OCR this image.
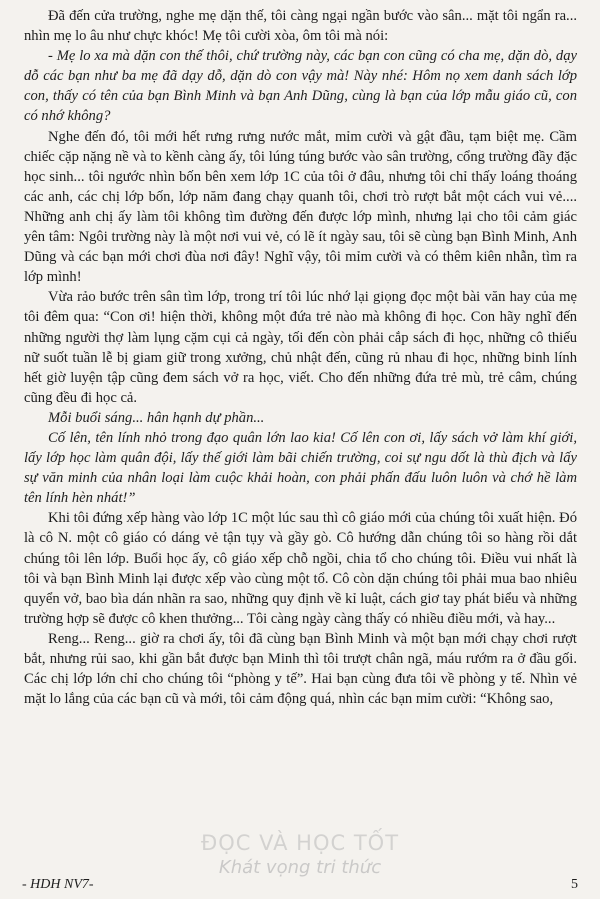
Đã đến cửa trường, nghe mẹ dặn thế, tôi càng ngại ngần bước vào sân... mặt tôi ngẩn ra... nhìn mẹ lo âu như chực khóc! Mẹ tôi cười xòa, ôm tôi mà nói:

- Mẹ lo xa mà dặn con thế thôi, chứ trường này, các bạn con cũng có cha mẹ, dặn dò, dạy dỗ các bạn như ba mẹ đã dạy dỗ, dặn dò con vậy mà! Này nhé: Hôm nọ xem danh sách lớp con, thấy có tên của bạn Bình Minh và bạn Anh Dũng, cùng là bạn của lớp mẫu giáo cũ, con có nhớ không?

Nghe đến đó, tôi mới hết rưng rưng nước mắt, mỉm cười và gật đầu, tạm biệt mẹ. Cầm chiếc cặp nặng nề và to kềnh càng ấy, tôi lúng túng bước vào sân trường, cổng trường đầy đặc học sinh... tôi ngước nhìn bốn bên xem lớp 1C của tôi ở đâu, nhưng tôi chỉ thấy loáng thoáng các anh, các chị lớp bốn, lớp năm đang chạy quanh tôi, chơi trò rượt bắt một cách vui vẻ.... Những anh chị ấy làm tôi không tìm đường đến được lớp mình, nhưng lại cho tôi cảm giác yên tâm: Ngôi trường này là một nơi vui vẻ, có lẽ ít ngày sau, tôi sẽ cùng bạn Bình Minh, Anh Dũng và các bạn mới chơi đùa nơi đây! Nghĩ vậy, tôi mỉm cười và có thêm kiên nhẫn, tìm ra lớp mình!

Vừa rảo bước trên sân tìm lớp, trong trí tôi lúc nhớ lại giọng đọc một bài văn hay của mẹ tôi đêm qua: “Con ơi! hiện thời, không một đứa trẻ nào mà không đi học. Con hãy nghĩ đến những người thợ làm lụng cặm cụi cả ngày, tối đến còn phải cắp sách đi học, những cô thiếu nữ suốt tuần lễ bị giam giữ trong xưởng, chủ nhật đến, cũng rủ nhau đi học, những binh lính hết giờ luyện tập cũng đem sách vở ra học, viết. Cho đến những đứa trẻ mù, trẻ câm, chúng cũng đều đi học cả.

Mỗi buổi sáng... hân hạnh dự phần...

Cố lên, tên lính nhỏ trong đạo quân lớn lao kia! Cố lên con ơi, lấy sách vở làm khí giới, lấy lớp học làm quân đội, lấy thế giới làm bãi chiến trường, coi sự ngu dốt là thù địch và lấy sự văn minh của nhân loại làm cuộc khải hoàn, con phải phấn đấu luôn luôn và chớ hề làm tên lính hèn nhát!”

Khi tôi đứng xếp hàng vào lớp 1C một lúc sau thì cô giáo mới của chúng tôi xuất hiện. Đó là cô N. một cô giáo có dáng vẻ tận tụy và gầy gò. Cô hướng dẫn chúng tôi so hàng rồi dắt chúng tôi lên lớp. Buổi học ấy, cô giáo xếp chỗ ngồi, chia tổ cho chúng tôi. Điều vui nhất là tôi và bạn Bình Minh lại được xếp vào cùng một tổ. Cô còn dặn chúng tôi phải mua bao nhiêu quyển vở, bao bìa dán nhãn ra sao, những quy định về kỉ luật, cách giơ tay phát biểu và những trường hợp sẽ được cô khen thưởng... Tôi càng ngày càng thấy có nhiều điều mới, và hay...

Reng... Reng... giờ ra chơi ấy, tôi đã cùng bạn Bình Minh và một bạn mới chạy chơi rượt bắt, nhưng rủi sao, khi gần bắt được bạn Minh thì tôi trượt chân ngã, máu rướm ra ở đầu gối. Các chị lớp lớn chỉ cho chúng tôi “phòng y tế”. Hai bạn cùng đưa tôi về phòng y tế. Nhìn vẻ mặt lo lắng của các bạn cũ và mới, tôi cảm động quá, nhìn các bạn mỉm cười: “Không sao,

ĐỌC VÀ HỌC TỐT
Khát vọng tri thức
- HDH NV7-	5
